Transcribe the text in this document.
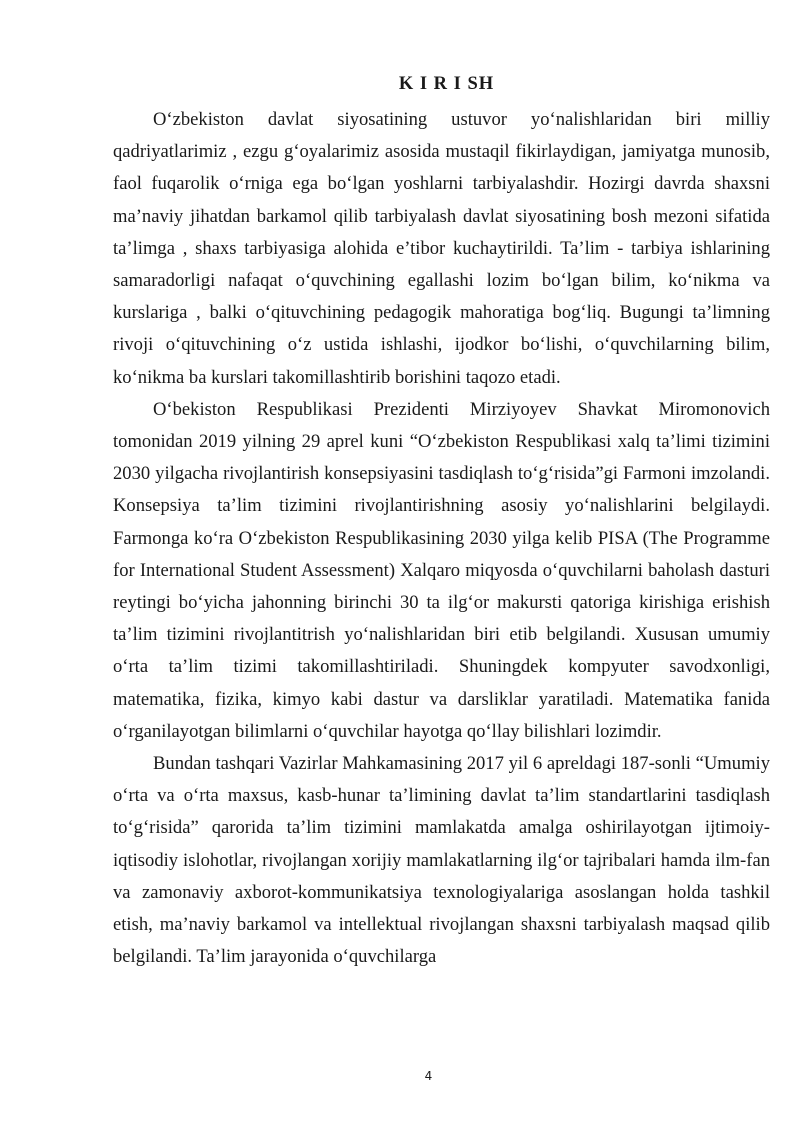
K I R I SH

O‘zbekiston davlat siyosatining ustuvor yo‘nalishlaridan biri milliy qadriyatlarimiz , ezgu g‘oyalarimiz asosida mustaqil fikirlaydigan, jamiyatga munosib, faol fuqarolik o‘rniga ega bo‘lgan yoshlarni tarbiyalashdir. Hozirgi davrda shaxsni ma’naviy jihatdan barkamol qilib tarbiyalash davlat siyosatining bosh mezoni sifatida ta’limga , shaxs tarbiyasiga alohida e’tibor kuchaytirildi. Ta’lim - tarbiya ishlarining samaradorligi nafaqat o‘quvchining egallashi lozim bo‘lgan bilim, ko‘nikma va kurslariga , balki o‘qituvchining pedagogik mahoratiga bog‘liq. Bugungi ta’limning rivoji o‘qituvchining o‘z ustida ishlashi, ijodkor bo‘lishi, o‘quvchilarning bilim, ko‘nikma ba kurslari takomillashtirib borishini taqozo etadi.

O‘bekiston Respublikasi Prezidenti Mirziyoyev Shavkat Miromonovich tomonidan 2019 yilning 29 aprel kuni “O‘zbekiston Respublikasi xalq ta’limi tizimini 2030 yilgacha rivojlantirish konsepsiyasini tasdiqlash to‘g‘risida”gi Farmoni imzolandi. Konsepsiya ta’lim tizimini rivojlantirishning asosiy yo‘nalishlarini belgilaydi. Farmonga ko‘ra O‘zbekiston Respublikasining 2030 yilga kelib PISA (The Programme for International Student Assessment) Xalqaro miqyosda o‘quvchilarni baholash dasturi reytingi bo‘yicha jahonning birinchi 30 ta ilg‘or makursti qatoriga kirishiga erishish ta’lim tizimini rivojlantitrish yo‘nalishlaridan biri etib belgilandi. Xususan umumiy o‘rta ta’lim tizimi takomillashtiriladi. Shuningdek kompyuter savodxonligi, matematika, fizika, kimyo kabi dastur va darsliklar yaratiladi. Matematika fanida o‘rganilayotgan bilimlarni o‘quvchilar hayotga qo‘llay bilishlari lozimdir.

Bundan tashqari Vazirlar Mahkamasining 2017 yil 6 apreldagi 187-sonli “Umumiy o‘rta va o‘rta maxsus, kasb-hunar ta’limining davlat ta’lim standartlarini tasdiqlash to‘g‘risida” qarorida ta’lim tizimini mamlakatda amalga oshirilayotgan ijtimoiy-iqtisodiy islohotlar, rivojlangan xorijiy mamlakatlarning ilg‘or tajribalari hamda ilm-fan va zamonaviy axborot-kommunikatsiya texnologiyalariga asoslangan holda tashkil etish, ma’naviy barkamol va intellektual rivojlangan shaxsni tarbiyalash maqsad qilib belgilandi. Ta’lim jarayonida o‘quvchilarga

4
